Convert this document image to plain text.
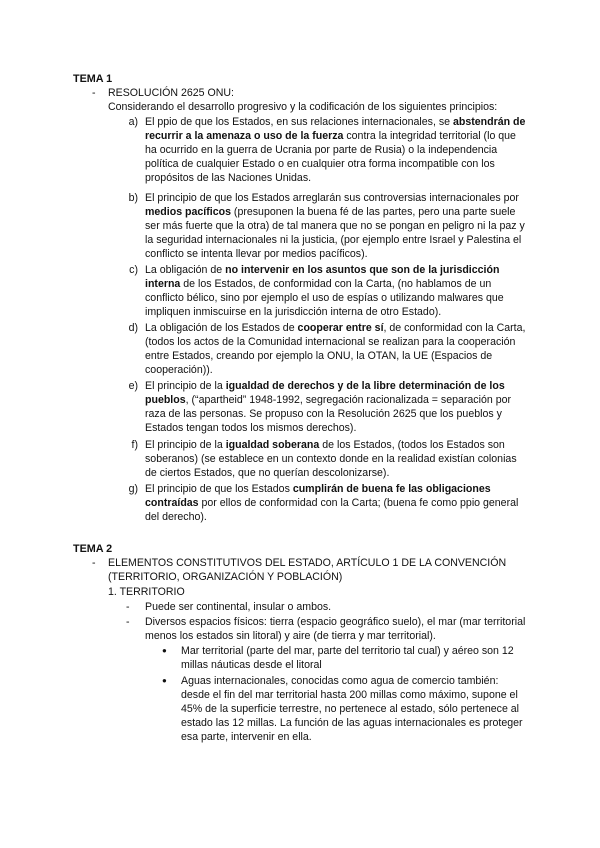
TEMA 1
- RESOLUCIÓN 2625 ONU:
Considerando el desarrollo progresivo y la codificación de los siguientes principios:
a) El ppio de que los Estados, en sus relaciones internacionales, se abstendrán de recurrir a la amenaza o uso de la fuerza contra la integridad territorial (lo que ha ocurrido en la guerra de Ucrania por parte de Rusia) o la independencia política de cualquier Estado o en cualquier otra forma incompatible con los propósitos de las Naciones Unidas.
b) El principio de que los Estados arreglarán sus controversias internacionales por medios pacíficos (presuponen la buena fé de las partes, pero una parte suele ser más fuerte que la otra) de tal manera que no se pongan en peligro ni la paz y la seguridad internacionales ni la justicia, (por ejemplo entre Israel y Palestina el conflicto se intenta llevar por medios pacíficos).
c) La obligación de no intervenir en los asuntos que son de la jurisdicción interna de los Estados, de conformidad con la Carta, (no hablamos de un conflicto bélico, sino por ejemplo el uso de espías o utilizando malwares que impliquen inmiscuirse en la jurisdicción interna de otro Estado).
d) La obligación de los Estados de cooperar entre sí, de conformidad con la Carta, (todos los actos de la Comunidad internacional se realizan para la cooperación entre Estados, creando por ejemplo la ONU, la OTAN, la UE (Espacios de cooperación)).
e) El principio de la igualdad de derechos y de la libre determinación de los pueblos, (“apartheid” 1948-1992, segregación racionalizada = separación por raza de las personas. Se propuso con la Resolución 2625 que los pueblos y Estados tengan todos los mismos derechos).
f) El principio de la igualdad soberana de los Estados, (todos los Estados son soberanos) (se establece en un contexto donde en la realidad existían colonias de ciertos Estados, que no querían descolonizarse).
g) El principio de que los Estados cumplirán de buena fe las obligaciones contraídas por ellos de conformidad con la Carta; (buena fe como ppio general del derecho).
TEMA 2
- ELEMENTOS CONSTITUTIVOS DEL ESTADO, ARTÍCULO 1 DE LA CONVENCIÓN (TERRITORIO, ORGANIZACIÓN Y POBLACIÓN)
1. TERRITORIO
- Puede ser continental, insular o ambos.
- Diversos espacios físicos: tierra (espacio geográfico suelo), el mar (mar territorial menos los estados sin litoral) y aire (de tierra y mar territorial).
● Mar territorial (parte del mar, parte del territorio tal cual) y aéreo son 12 millas náuticas desde el litoral
● Aguas internacionales, conocidas como agua de comercio también: desde el fin del mar territorial hasta 200 millas como máximo, supone el 45% de la superficie terrestre, no pertenece al estado, sólo pertenece al estado las 12 millas. La función de las aguas internacionales es proteger esa parte, intervenir en ella.
